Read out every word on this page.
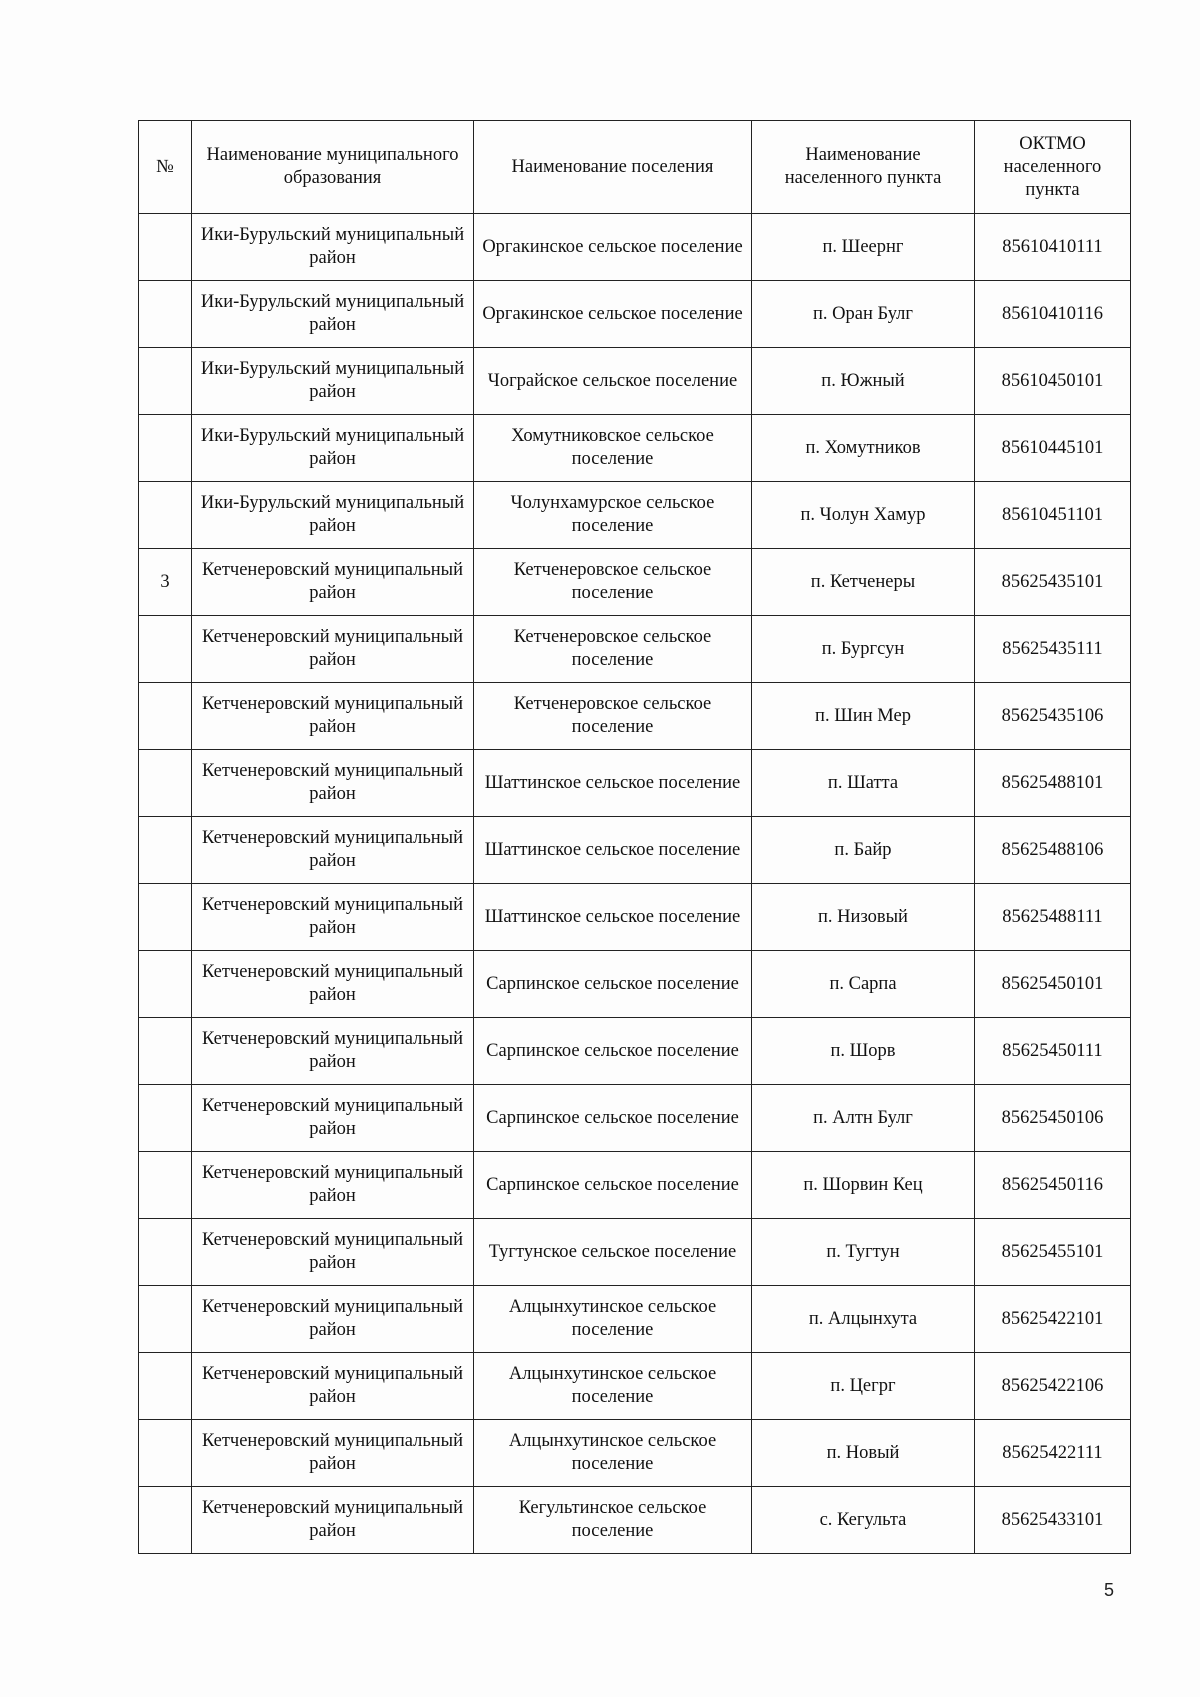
№	Наименование муниципального образования	Наименование поселения	Наименование населенного пункта	ОКТМО населенного пункта
	Ики-Бурульский муниципальный район	Оргакинское сельское поселение	п. Шеернг	85610410111
	Ики-Бурульский муниципальный район	Оргакинское сельское поселение	п. Оран Булг	85610410116
	Ики-Бурульский муниципальный район	Чограйское сельское поселение	п. Южный	85610450101
	Ики-Бурульский муниципальный район	Хомутниковское сельское поселение	п. Хомутников	85610445101
	Ики-Бурульский муниципальный район	Чолунхамурское сельское поселение	п. Чолун Хамур	85610451101
3	Кетченеровский муниципальный район	Кетченеровское сельское поселение	п. Кетченеры	85625435101
	Кетченеровский муниципальный район	Кетченеровское сельское поселение	п. Бургсун	85625435111
	Кетченеровский муниципальный район	Кетченеровское сельское поселение	п. Шин Мер	85625435106
	Кетченеровский муниципальный район	Шаттинское сельское поселение	п. Шатта	85625488101
	Кетченеровский муниципальный район	Шаттинское сельское поселение	п. Байр	85625488106
	Кетченеровский муниципальный район	Шаттинское сельское поселение	п. Низовый	85625488111
	Кетченеровский муниципальный район	Сарпинское сельское поселение	п. Сарпа	85625450101
	Кетченеровский муниципальный район	Сарпинское сельское поселение	п. Шорв	85625450111
	Кетченеровский муниципальный район	Сарпинское сельское поселение	п. Алтн Булг	85625450106
	Кетченеровский муниципальный район	Сарпинское сельское поселение	п. Шорвин Кец	85625450116
	Кетченеровский муниципальный район	Тугтунское сельское поселение	п. Тугтун	85625455101
	Кетченеровский муниципальный район	Алцынхутинское сельское поселение	п. Алцынхута	85625422101
	Кетченеровский муниципальный район	Алцынхутинское сельское поселение	п. Цегрг	85625422106
	Кетченеровский муниципальный район	Алцынхутинское сельское поселение	п. Новый	85625422111
	Кетченеровский муниципальный район	Кегультинское сельское поселение	с. Кегульта	85625433101
5
